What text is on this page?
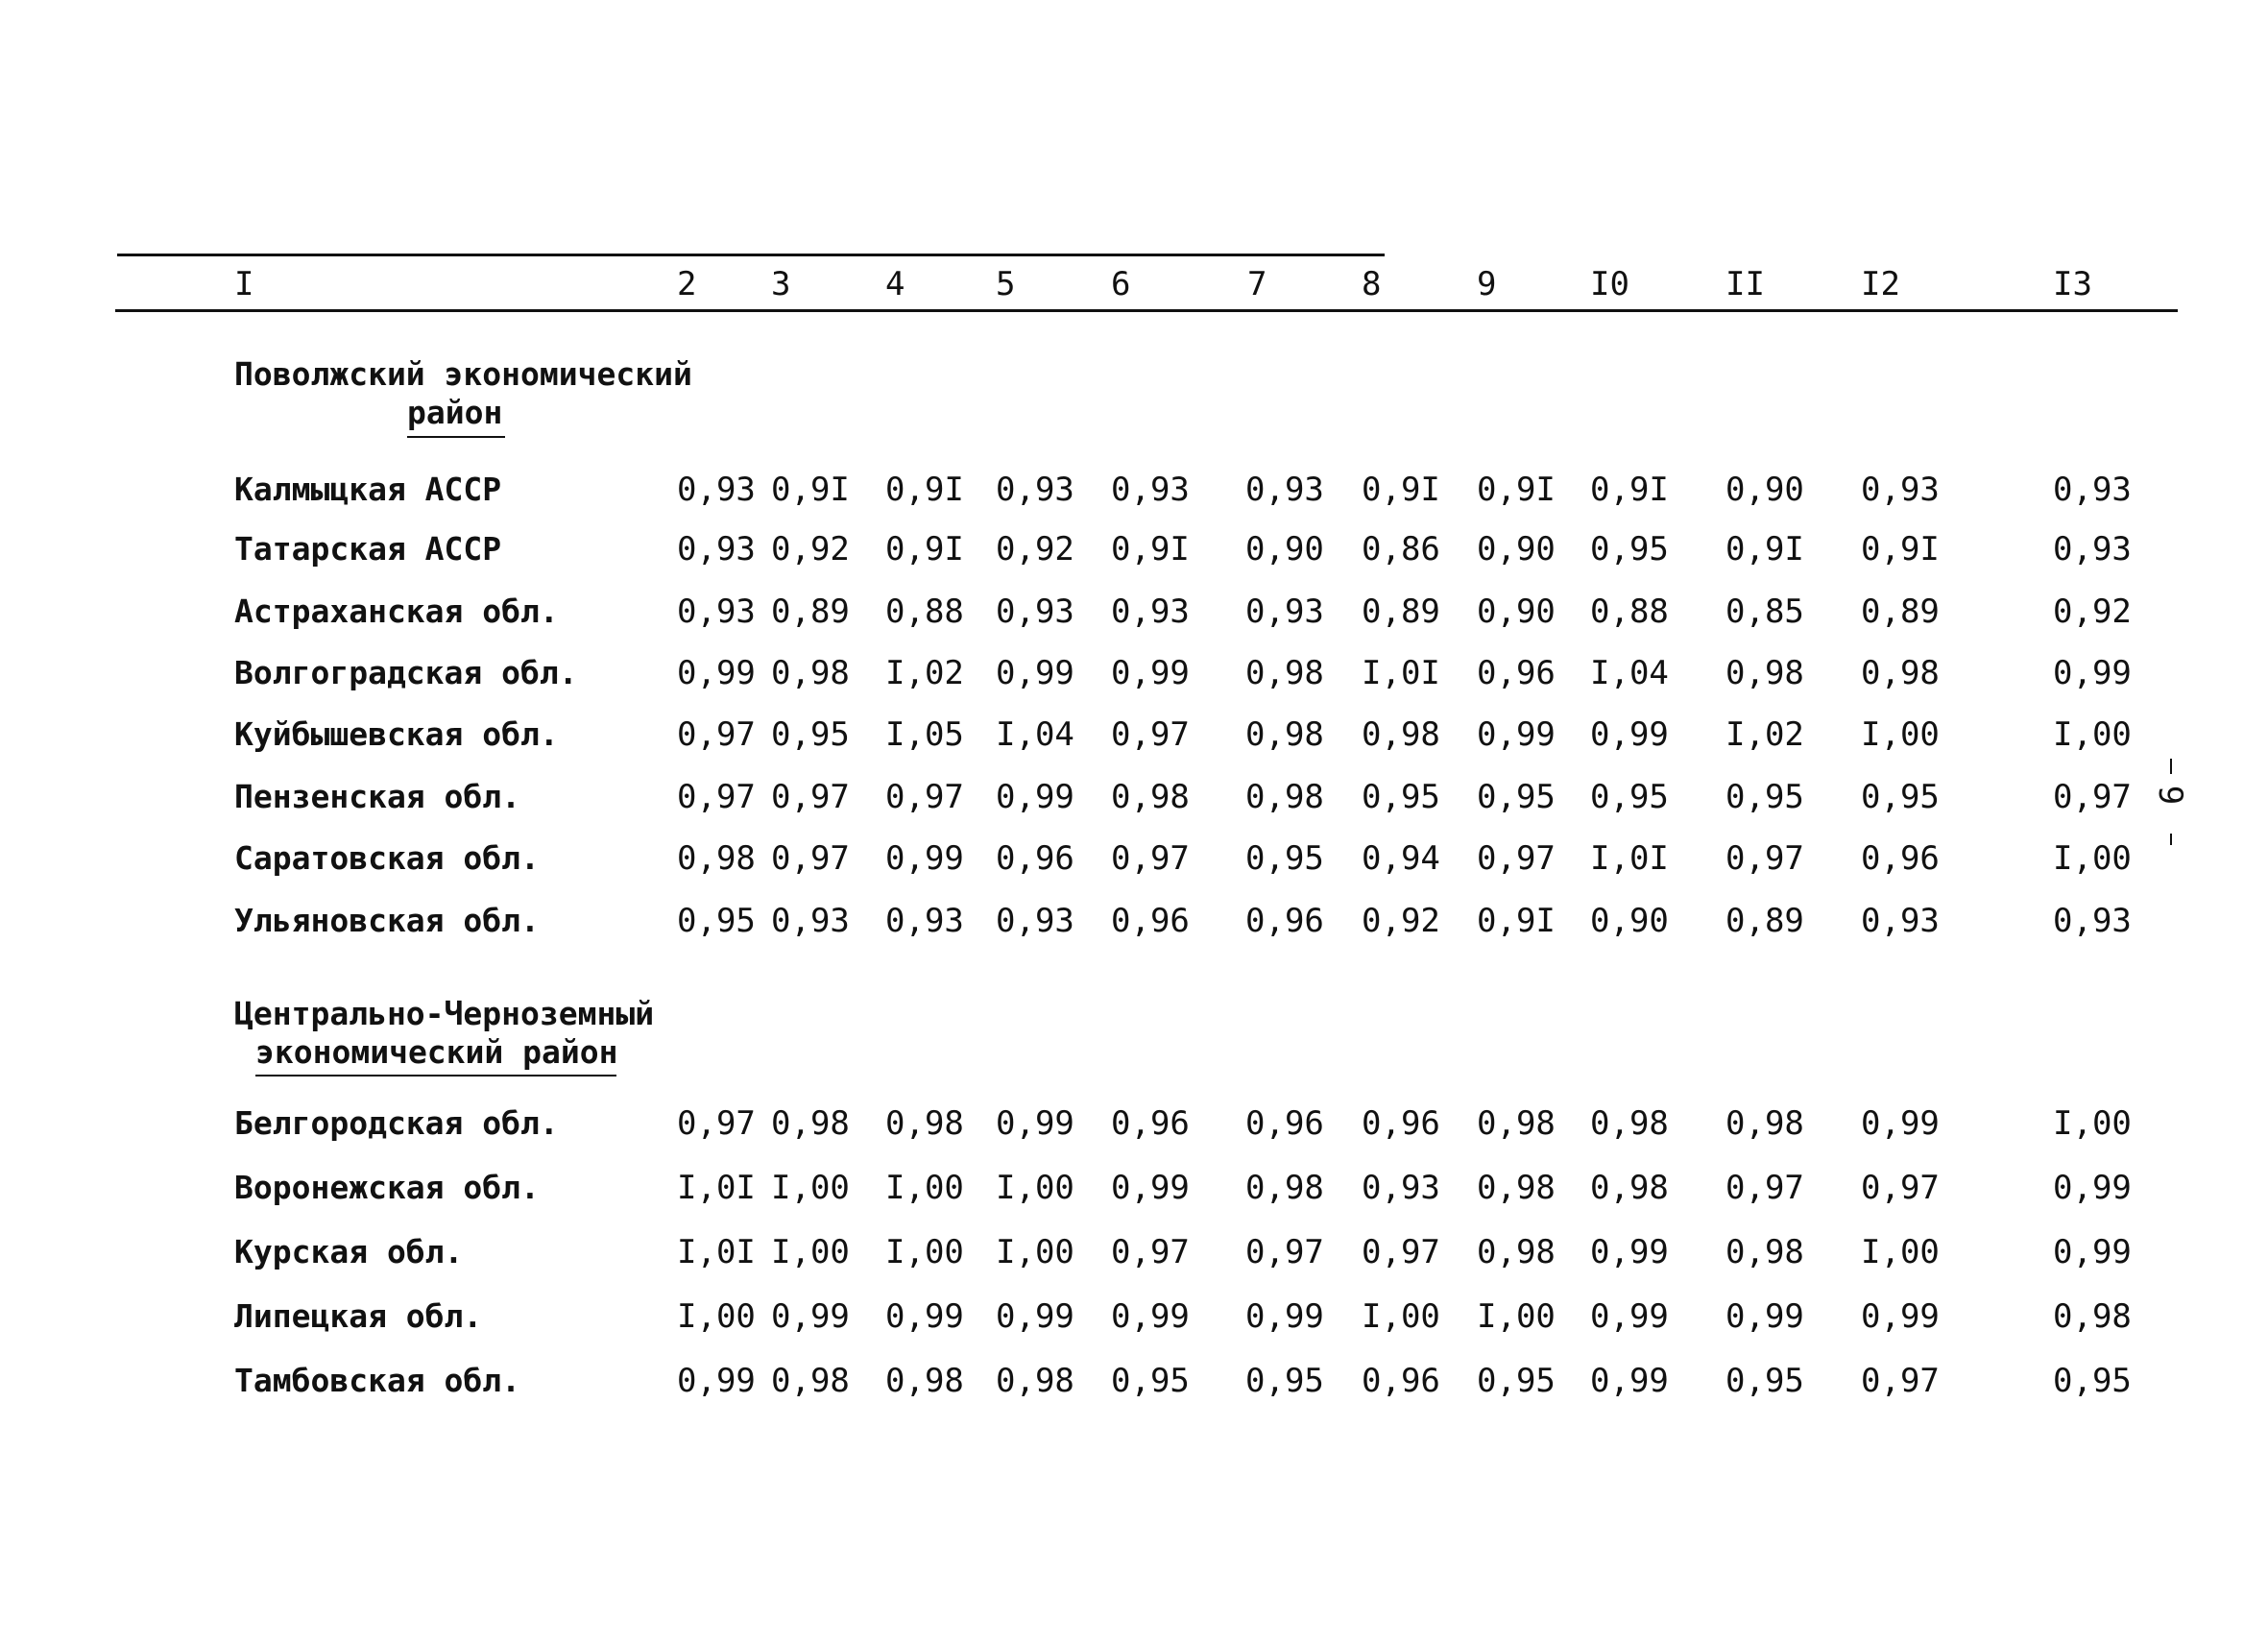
I	2 3	4	5	6	7	8	9	I0	II	I2	I3
Поволжский экономический
район
Калмыцкая АССР	0,93 0,9I 0,9I 0,93 0,93 0,93 0,9I 0,9I 0,9I 0,90 0,93	0,93
Татарская АССР	0,93 0,92 0,9I 0,92 0,9I 0,90 0,86 0,90 0,95 0,9I 0,9I	0,93
Астраханская обл.	0,93 0,89 0,88 0,93 0,93 0,93 0,89 0,90 0,88 0,85 0,89	0,92
Волгоградская обл.	0,99 0,98 I,02 0,99 0,99 0,98 I,0I 0,96 I,04 0,98 0,98	0,99
Куйбышевская обл.	0,97 0,95 I,05 I,04 0,97 0,98 0,98 0,99 0,99 I,02 I,00	I,00
Пензенская обл.	0,97 0,97 0,97 0,99 0,98 0,98 0,95 0,95 0,95 0,95 0,95	0,97
Саратовская обл.	0,98 0,97 0,99 0,96 0,97 0,95 0,94 0,97 I,0I 0,97 0,96	I,00
Ульяновская обл.	0,95 0,93 0,93 0,93 0,96 0,96 0,92 0,9I 0,90 0,89 0,93	0,93
Центрально-Черноземный
экономический район
Белгородская обл.	0,97 0,98 0,98 0,99 0,96 0,96 0,96 0,98 0,98 0,98 0,99	I,00
Воронежская обл.	I,0I I,00 I,00 I,00 0,99 0,98 0,93 0,98 0,98 0,97 0,97	0,99
Курская обл.	I,0I I,00 I,00 I,00 0,97 0,97 0,97 0,98 0,99 0,98 I,00	0,99
Липецкая обл.	I,00 0,99 0,99 0,99 0,99 0,99 I,00 I,00 0,99 0,99 0,99	0,98
Тамбовская обл.	0,99 0,98 0,98 0,98 0,95 0,95 0,96 0,95 0,99 0,95 0,97	0,95
9
